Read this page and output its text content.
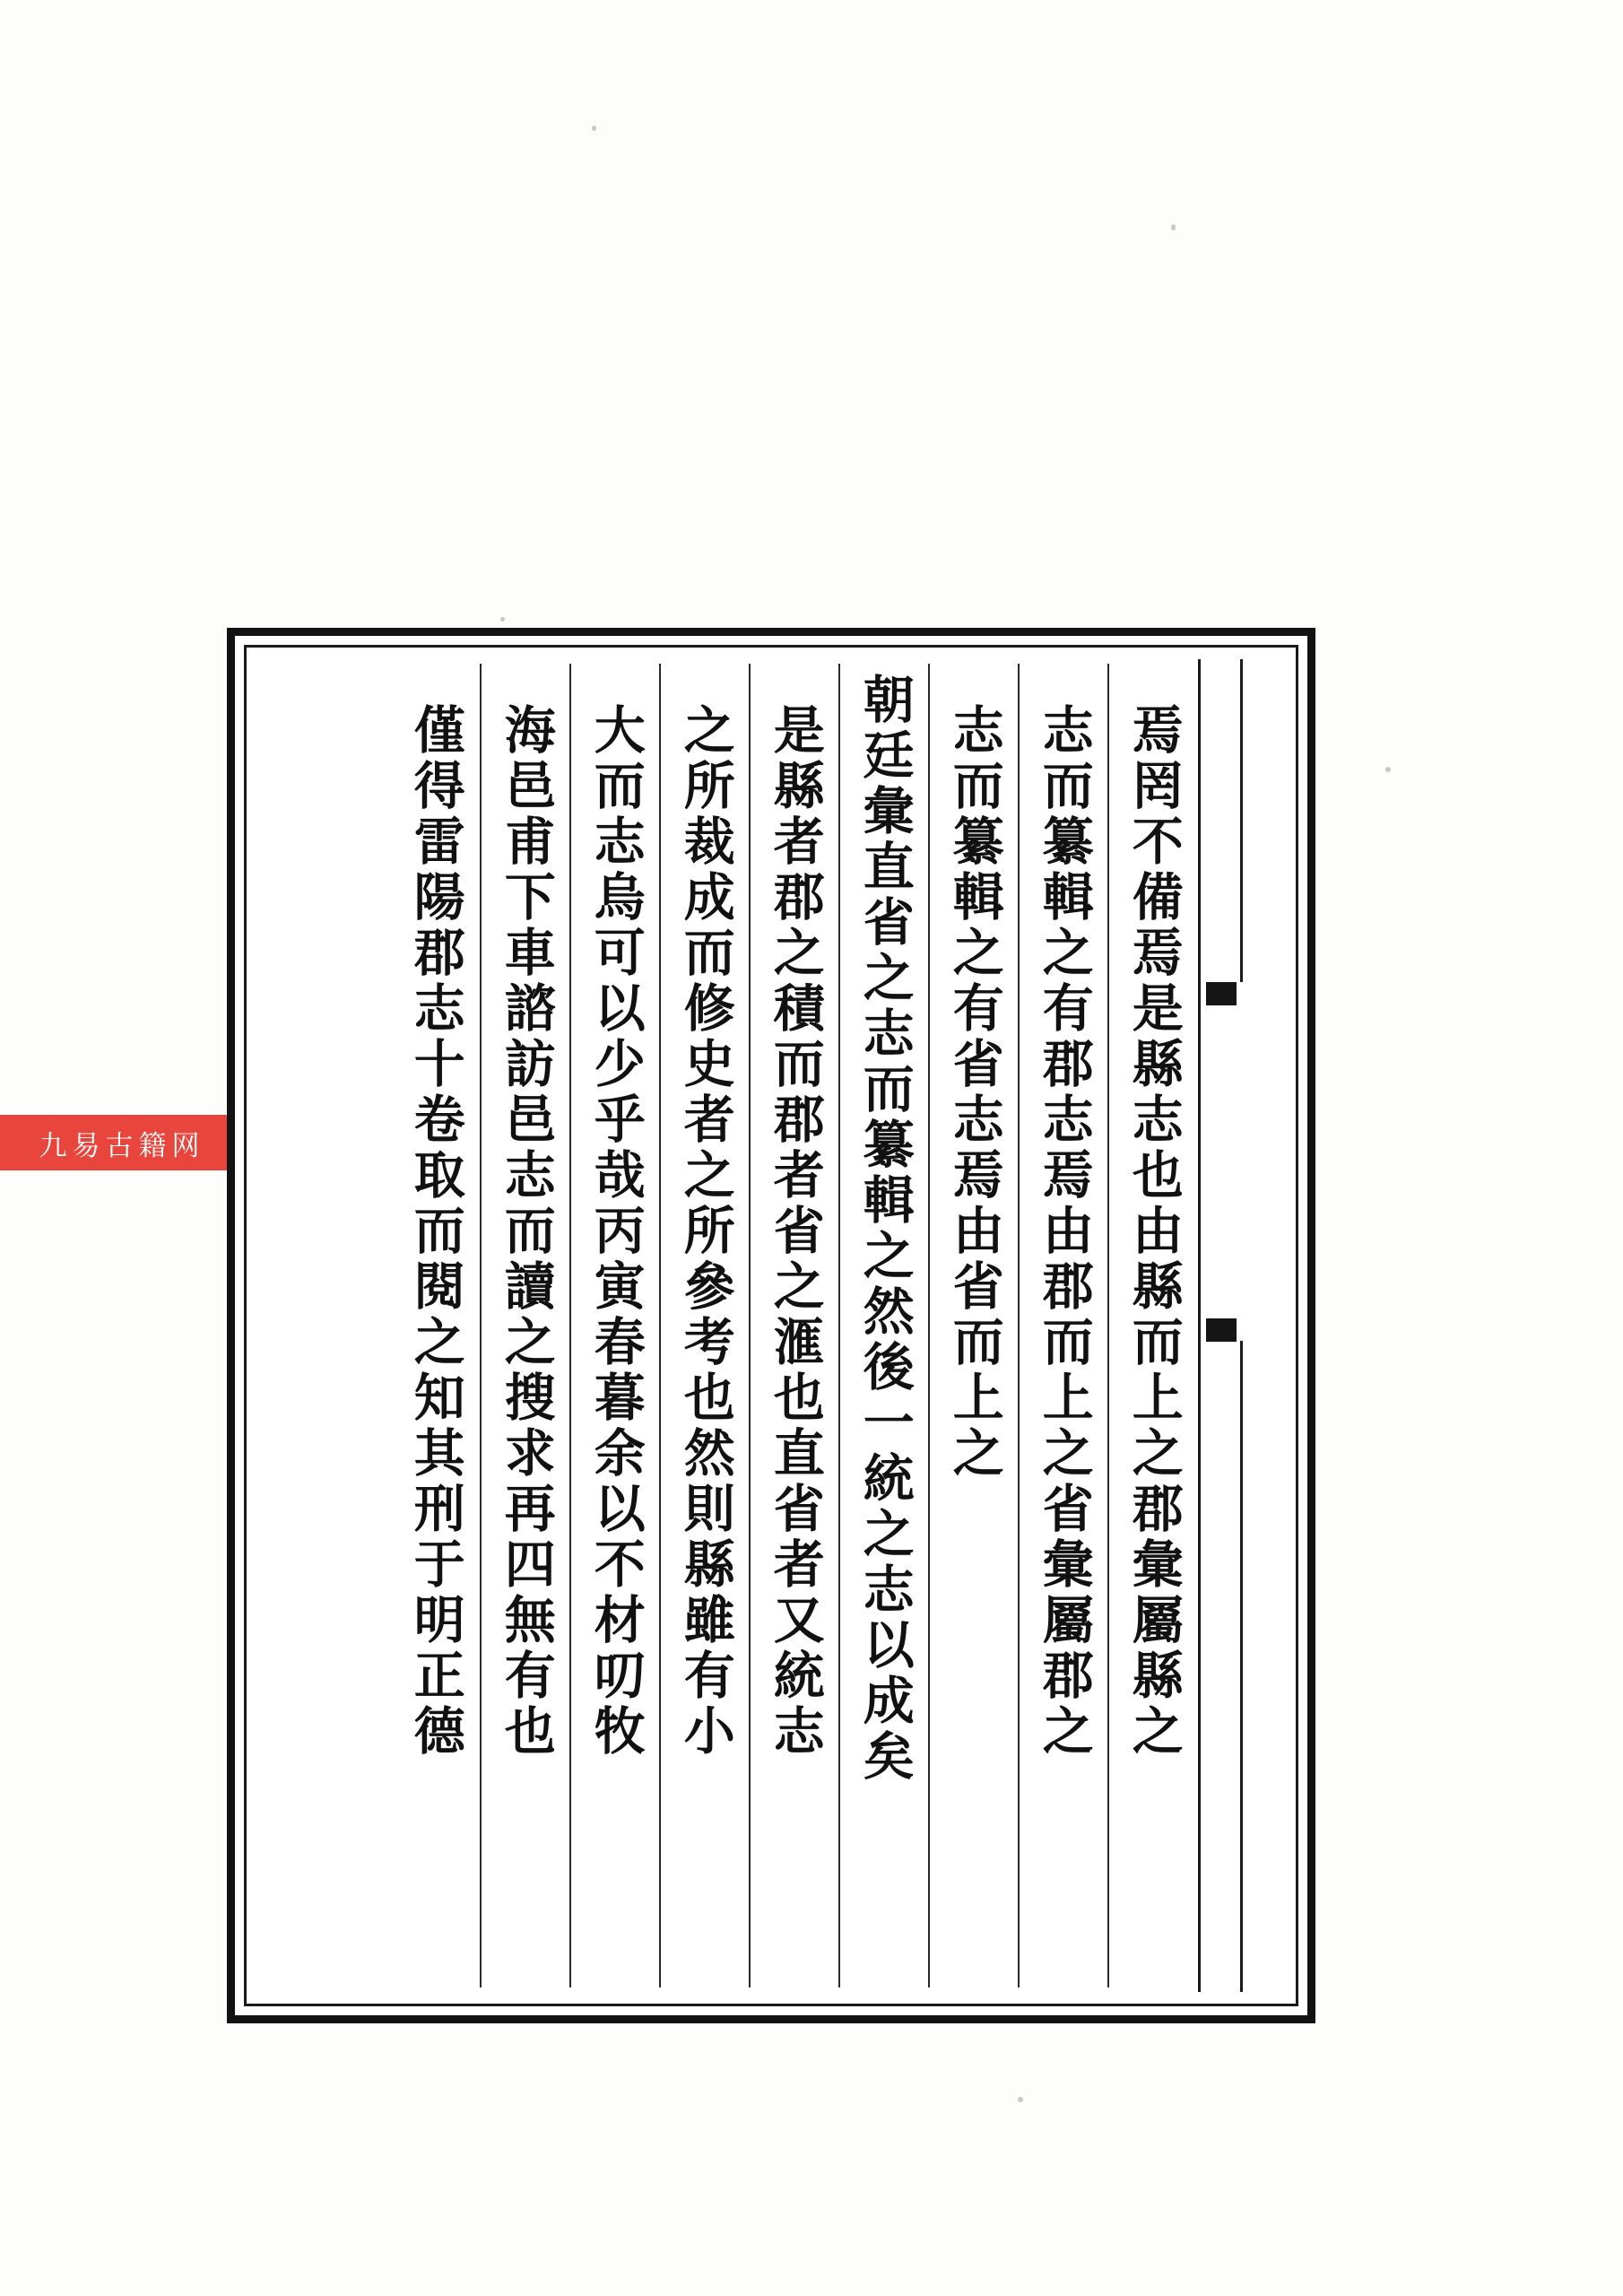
九易古籍网	焉罔不備焉是縣志也由縣而上之郡彙屬縣之
志而纂輯之有郡志焉由郡而上之省彙屬郡之
志而纂輯之有省志焉由省而上之
朝廷彙直省之志而纂輯之然後一統之志以成矣
是縣者郡之積而郡者省之滙也直省者又統志
之所裁成而修史者之所參考也然則縣雖有小
大而志烏可以少乎哉丙寅春暮余以不材叨牧
海邑甫下車諮訪邑志而讀之搜求再四無有也
僅得雷陽郡志十卷取而閱之知其刑于明正德
